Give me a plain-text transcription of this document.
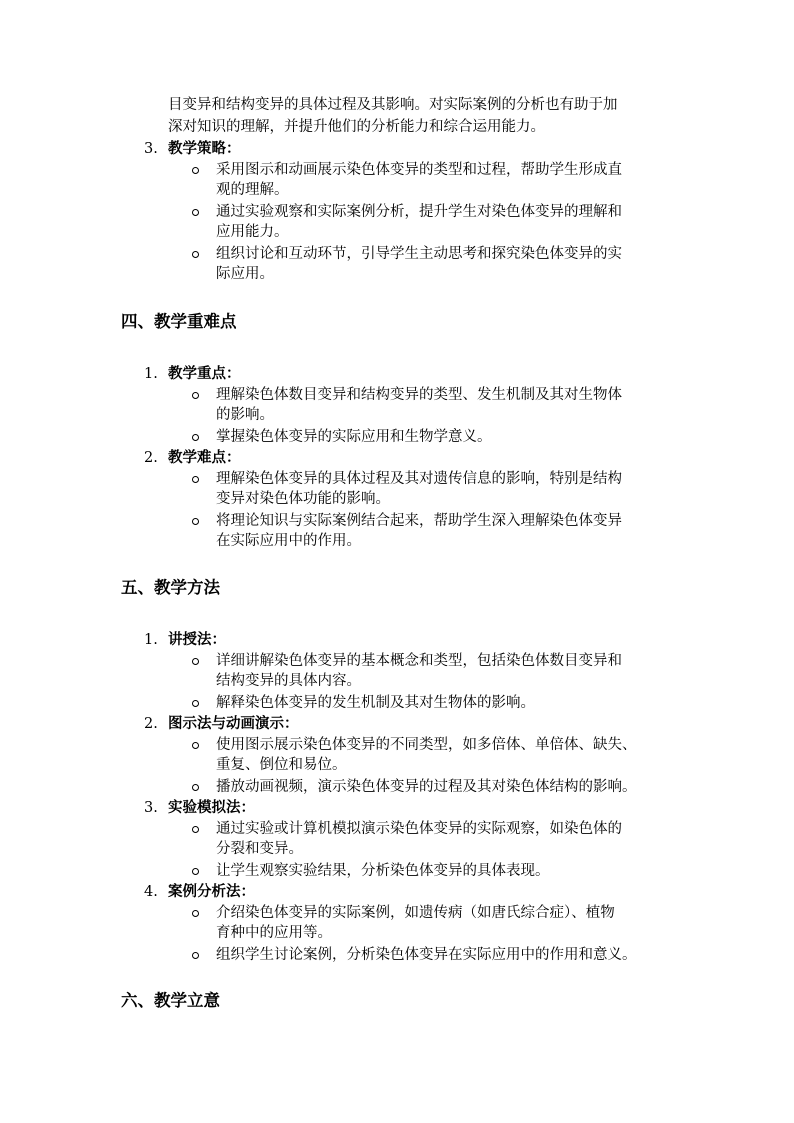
目变异和结构变异的具体过程及其影响。对实际案例的分析也有助于加
深对知识的理解，并提升他们的分析能力和综合运用能力。
3. 教学策略：
采用图示和动画展示染色体变异的类型和过程，帮助学生形成直
观的理解。
通过实验观察和实际案例分析，提升学生对染色体变异的理解和
应用能力。
组织讨论和互动环节，引导学生主动思考和探究染色体变异的实
际应用。
四、教学重难点
1. 教学重点：
理解染色体数目变异和结构变异的类型、发生机制及其对生物体
的影响。
掌握染色体变异的实际应用和生物学意义。
2. 教学难点：
理解染色体变异的具体过程及其对遗传信息的影响，特别是结构
变异对染色体功能的影响。
将理论知识与实际案例结合起来，帮助学生深入理解染色体变异
在实际应用中的作用。
五、教学方法
1. 讲授法：
详细讲解染色体变异的基本概念和类型，包括染色体数目变异和
结构变异的具体内容。
解释染色体变异的发生机制及其对生物体的影响。
2. 图示法与动画演示：
使用图示展示染色体变异的不同类型，如多倍体、单倍体、缺失、
重复、倒位和易位。
播放动画视频，演示染色体变异的过程及其对染色体结构的影响。
3. 实验模拟法：
通过实验或计算机模拟演示染色体变异的实际观察，如染色体的
分裂和变异。
让学生观察实验结果，分析染色体变异的具体表现。
4. 案例分析法：
介绍染色体变异的实际案例，如遗传病（如唐氏综合症）、植物
育种中的应用等。
组织学生讨论案例，分析染色体变异在实际应用中的作用和意义。
六、教学立意
